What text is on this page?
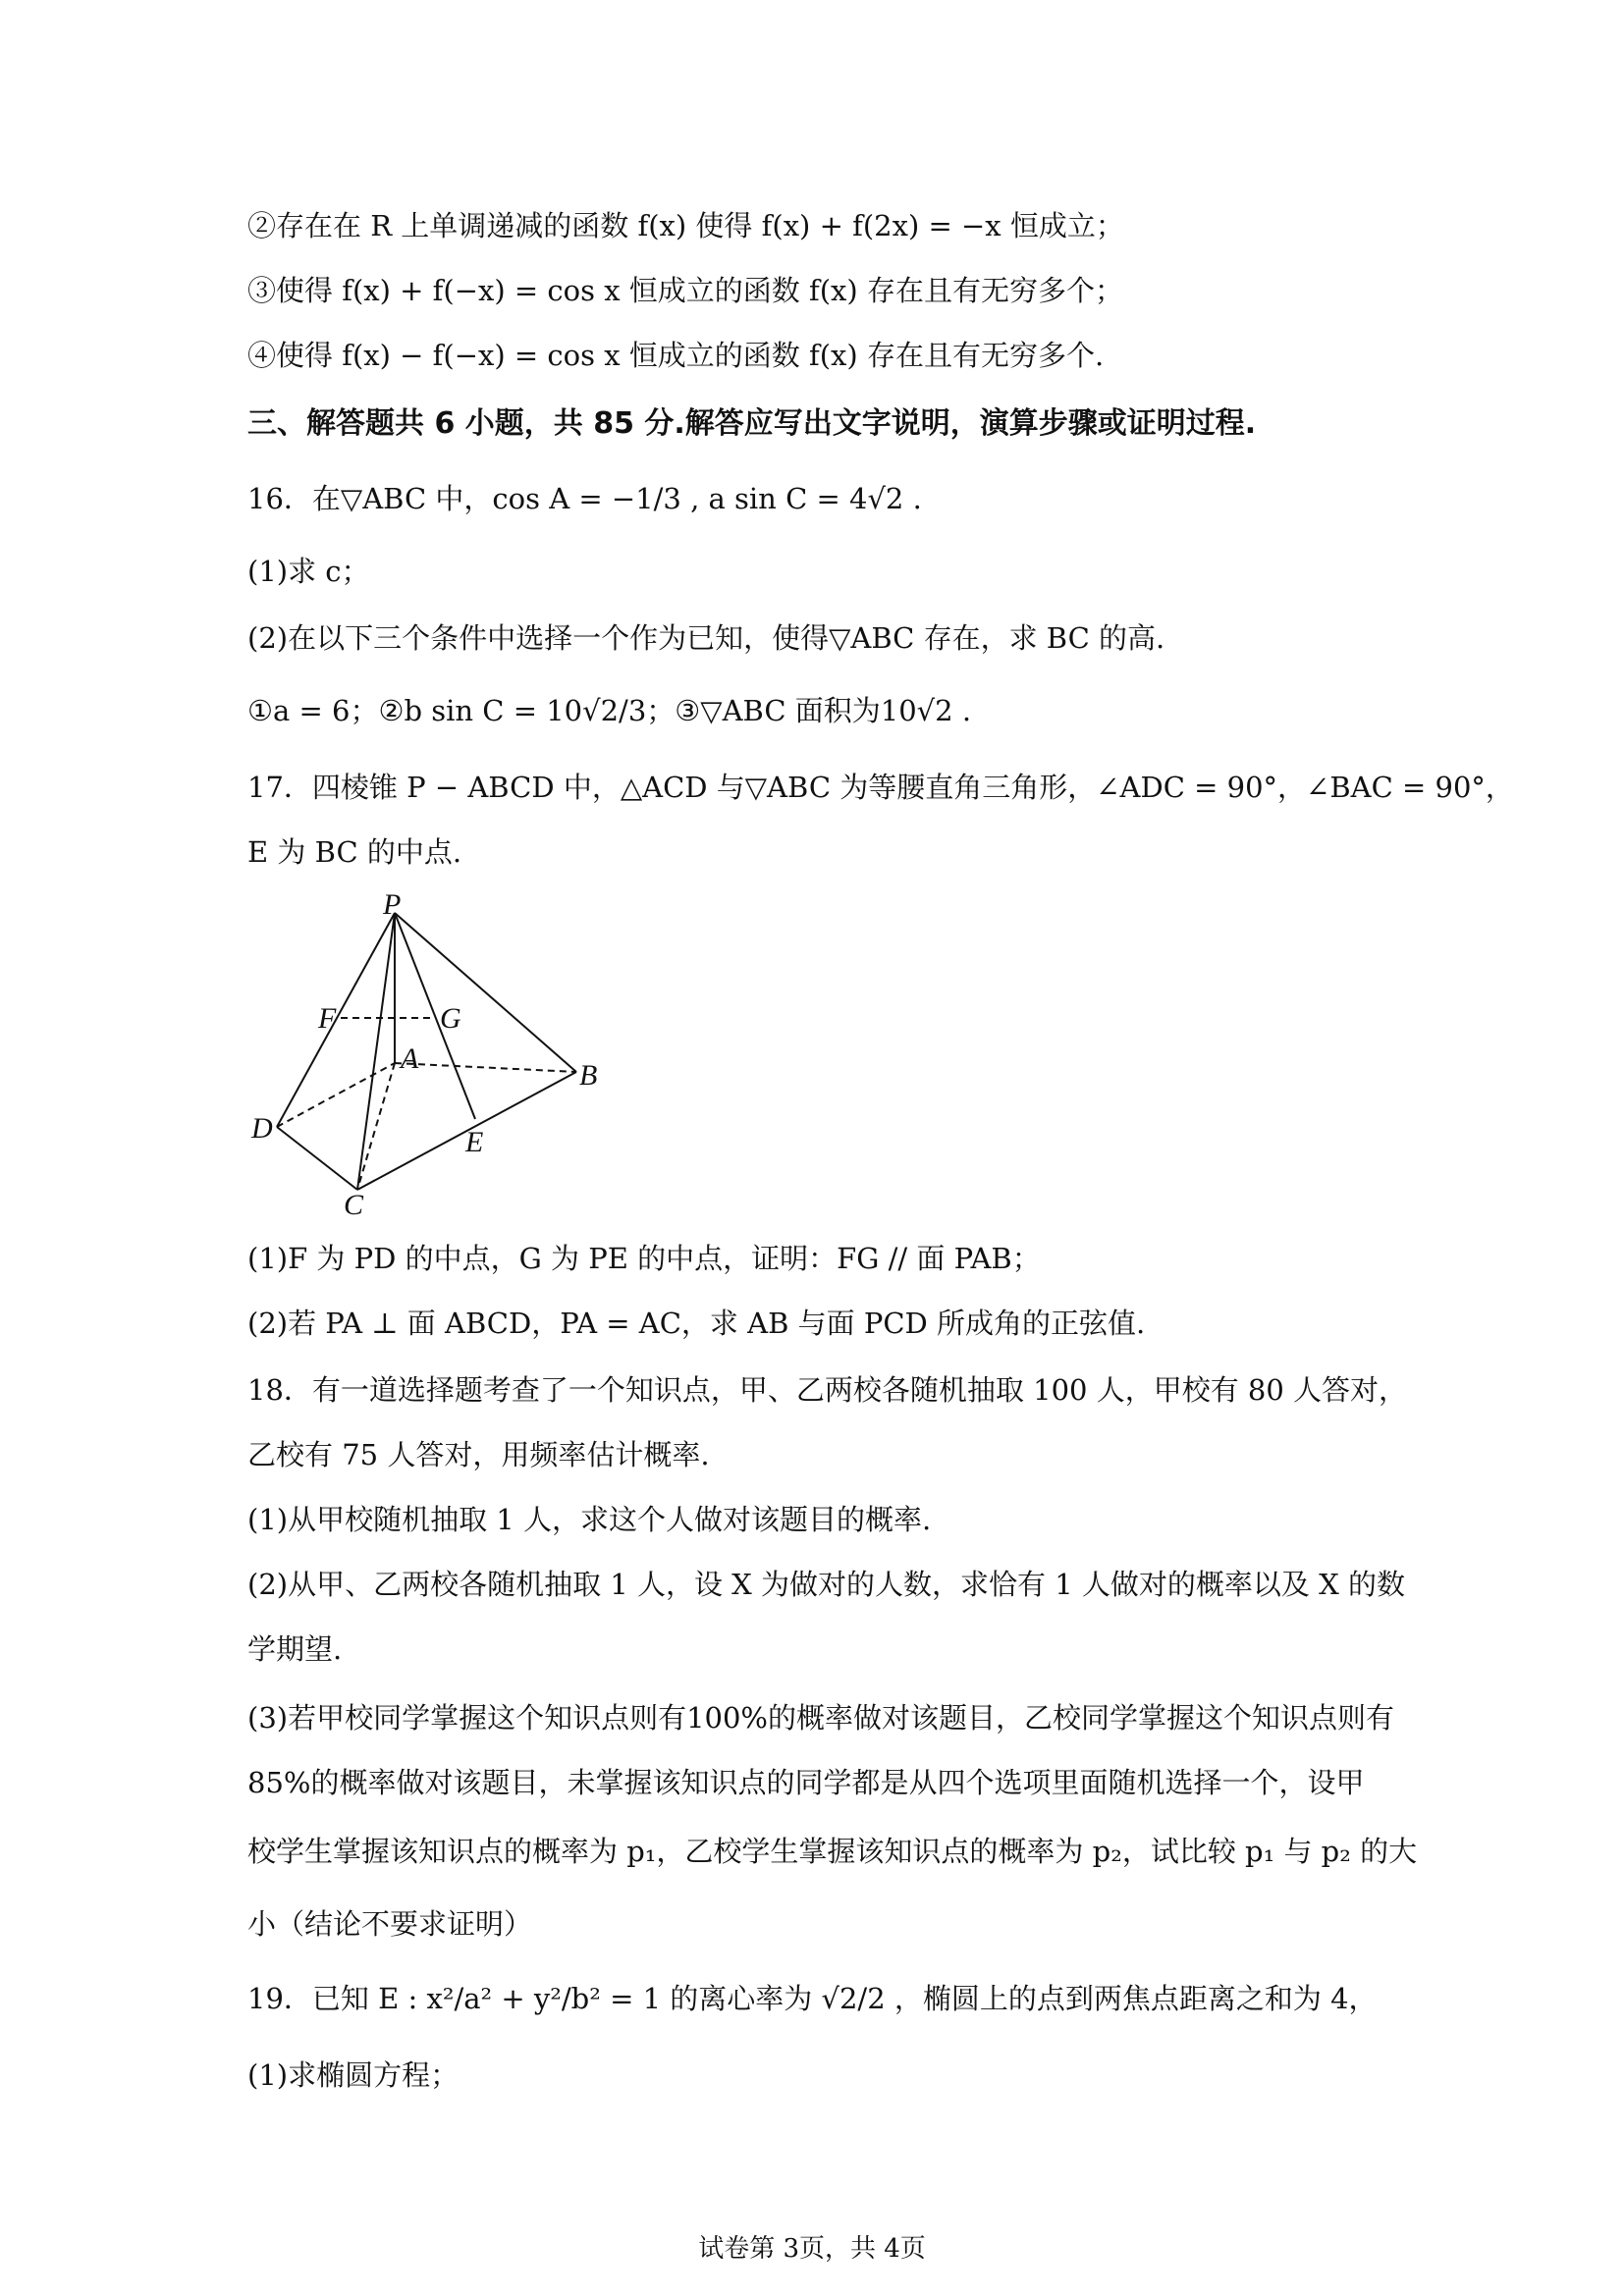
②存在在 R 上单调递减的函数 f(x) 使得 f(x) + f(2x) = −x 恒成立；
③使得 f(x) + f(−x) = cos x 恒成立的函数 f(x) 存在且有无穷多个；
④使得 f(x) − f(−x) = cos x 恒成立的函数 f(x) 存在且有无穷多个.
三、解答题共 6 小题，共 85 分.解答应写出文字说明，演算步骤或证明过程.
16．在▽ABC 中，cos A = −1/3 , a sin C = 4√2 .
(1)求 c；
(2)在以下三个条件中选择一个作为已知，使得▽ABC 存在，求 BC 的高.
①a = 6；②b sin C = 10√2/3；③▽ABC 面积为10√2 .
17．四棱锥 P − ABCD 中，△ACD 与▽ABC 为等腰直角三角形，∠ADC = 90°，∠BAC = 90°，
E 为 BC 的中点.
(1)F 为 PD 的中点，G 为 PE 的中点，证明：FG // 面 PAB；
(2)若 PA ⊥ 面 ABCD，PA = AC，求 AB 与面 PCD 所成角的正弦值.
18．有一道选择题考查了一个知识点，甲、乙两校各随机抽取 100 人，甲校有 80 人答对，
乙校有 75 人答对，用频率估计概率.
(1)从甲校随机抽取 1 人，求这个人做对该题目的概率.
(2)从甲、乙两校各随机抽取 1 人，设 X 为做对的人数，求恰有 1 人做对的概率以及 X 的数
学期望.
(3)若甲校同学掌握这个知识点则有100%的概率做对该题目，乙校同学掌握这个知识点则有
85%的概率做对该题目，未掌握该知识点的同学都是从四个选项里面随机选择一个，设甲
校学生掌握该知识点的概率为 p₁，乙校学生掌握该知识点的概率为 p₂，试比较 p₁ 与 p₂ 的大
小（结论不要求证明）
19．已知 E : x²/a² + y²/b² = 1 的离心率为 √2/2 ，椭圆上的点到两焦点距离之和为 4，
(1)求椭圆方程；
P
F	G
A
B
D	E
C
试卷第 3页，共 4页
